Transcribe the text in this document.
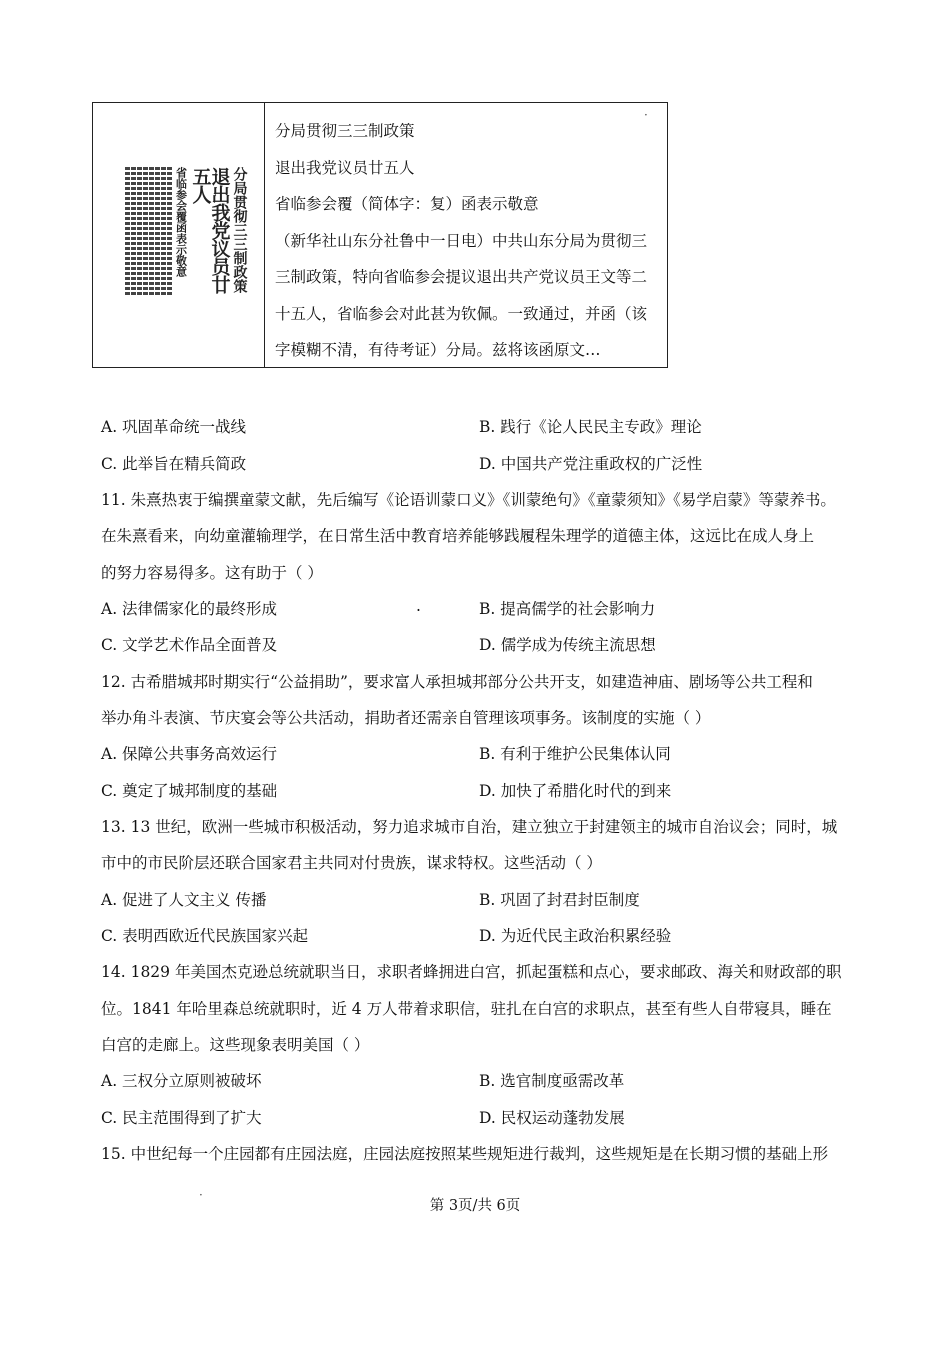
分局贯彻三三制政策
退出我党议员廿五人
省临参会覆函表示敬意

分局贯彻三三制政策

退出我党议员廿五人

省临参会覆（简体字：复）函表示敬意

（新华社山东分社鲁中一日电）中共山东分局为贯彻三

三制政策，特向省临参会提议退出共产党议员王文等二

十五人，省临参会对此甚为钦佩。一致通过，并函（该

字模糊不清，有待考证）分局。兹将该函原文…

·
A. 巩固革命统一战线	B. 践行《论人民民主专政》理论
C. 此举旨在精兵简政	D. 中国共产党注重政权的广泛性
11. 朱熹热衷于编撰童蒙文献，先后编写《论语训蒙口义》《训蒙绝句》《童蒙须知》《易学启蒙》等蒙养书。
在朱熹看来，向幼童灌输理学，在日常生活中教育培养能够践履程朱理学的道德主体，这远比在成人身上
的努力容易得多。这有助于（ ）
A. 法律儒家化的最终形成	.	B. 提高儒学的社会影响力
C. 文学艺术作品全面普及	D. 儒学成为传统主流思想
12. 古希腊城邦时期实行“公益捐助”，要求富人承担城邦部分公共开支，如建造神庙、剧场等公共工程和
举办角斗表演、节庆宴会等公共活动，捐助者还需亲自管理该项事务。该制度的实施（ ）
A. 保障公共事务高效运行	B. 有利于维护公民集体认同
C. 奠定了城邦制度的基础	D. 加快了希腊化时代的到来
13. 13 世纪，欧洲一些城市积极活动，努力追求城市自治，建立独立于封建领主的城市自治议会；同时，城
市中的市民阶层还联合国家君主共同对付贵族，谋求特权。这些活动（ ）
A. 促进了人文主义 传播	B. 巩固了封君封臣制度
C. 表明西欧近代民族国家兴起	D. 为近代民主政治积累经验
14. 1829 年美国杰克逊总统就职当日，求职者蜂拥进白宫，抓起蛋糕和点心，要求邮政、海关和财政部的职
位。1841 年哈里森总统就职时，近 4 万人带着求职信，驻扎在白宫的求职点，甚至有些人自带寝具，睡在
白宫的走廊上。这些现象表明美国（ ）
A. 三权分立原则被破坏	B. 选官制度亟需改革
C. 民主范围得到了扩大	D. 民权运动蓬勃发展
15. 中世纪每一个庄园都有庄园法庭，庄园法庭按照某些规矩进行裁判，这些规矩是在长期习惯的基础上形
·
第 3页/共 6页
